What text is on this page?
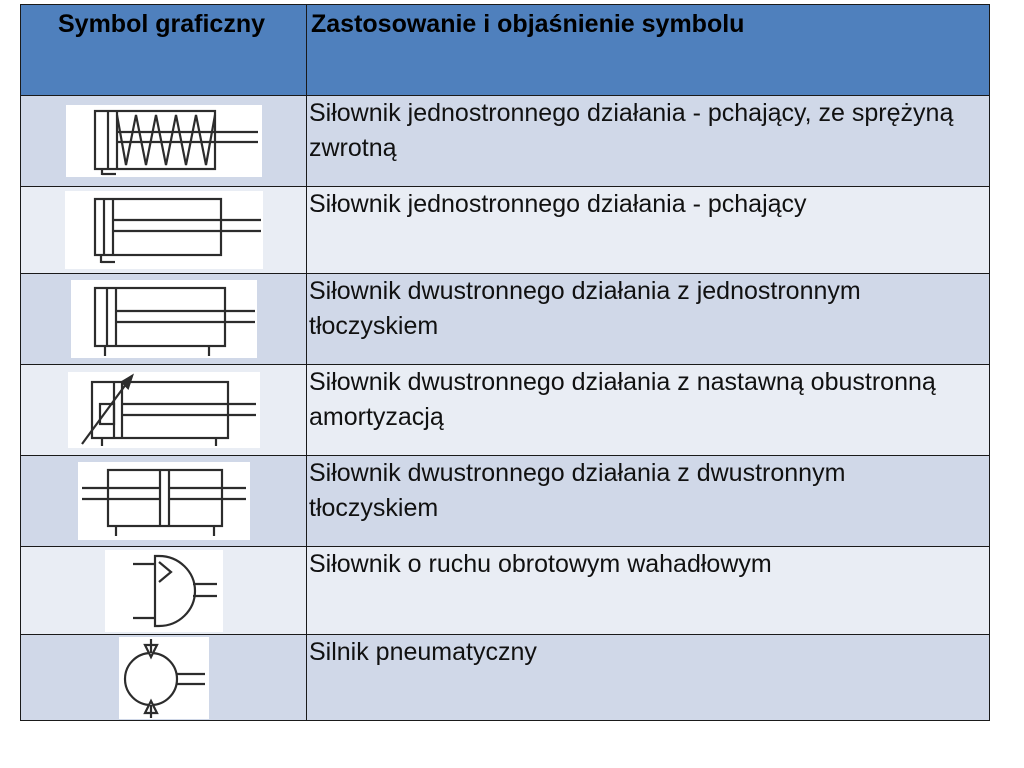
Symbol graficzny	Zastosowanie i objaśnienie symbolu

	Siłownik jednostronnego działania - pchający, ze sprężyną zwrotną

	Siłownik jednostronnego działania - pchający

	Siłownik dwustronnego działania z jednostronnym tłoczyskiem

	Siłownik dwustronnego działania z nastawną obustronną amortyzacją

	Siłownik dwustronnego działania z dwustronnym tłoczyskiem

	Siłownik o ruchu obrotowym wahadłowym

	Silnik pneumatyczny
